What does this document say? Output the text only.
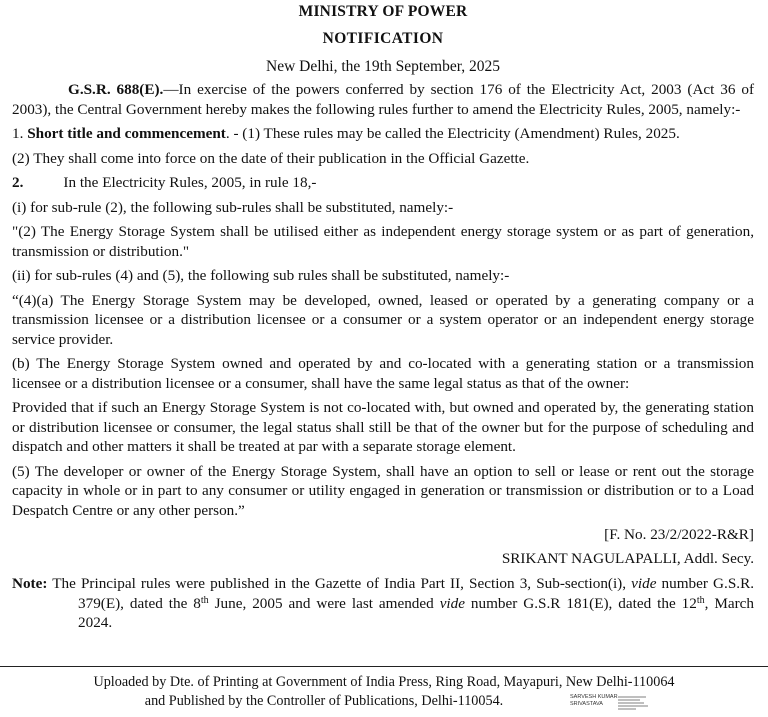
MINISTRY OF POWER
NOTIFICATION
New Delhi, the 19th September, 2025

G.S.R. 688(E).—In exercise of the powers conferred by section 176 of the Electricity Act, 2003 (Act 36 of 2003), the Central Government hereby makes the following rules further to amend the Electricity Rules, 2005, namely:-

1. Short title and commencement. - (1) These rules may be called the Electricity (Amendment) Rules, 2025.

(2) They shall come into force on the date of their publication in the Official Gazette.

2.	In the Electricity Rules, 2005, in rule 18,-

(i) for sub-rule (2), the following sub-rules shall be substituted, namely:-

"(2) The Energy Storage System shall be utilised either as independent energy storage system or as part of generation, transmission or distribution."

(ii) for sub-rules (4) and (5), the following sub rules shall be substituted, namely:-

“(4)(a) The Energy Storage System may be developed, owned, leased or operated by a generating company or a transmission licensee or a distribution licensee or a consumer or a system operator or an independent energy storage service provider.

(b) The Energy Storage System owned and operated by and co-located with a generating station or a transmission licensee or a distribution licensee or a consumer, shall have the same legal status as that of the owner:

Provided that if such an Energy Storage System is not co-located with, but owned and operated by, the generating station or distribution licensee or consumer, the legal status shall still be that of the owner but for the purpose of scheduling and dispatch and other matters it shall be treated at par with a separate storage element.

(5) The developer or owner of the Energy Storage System, shall have an option to sell or lease or rent out the storage capacity in whole or in part to any consumer or utility engaged in generation or transmission or distribution or to a Load Despatch Centre or any other person.”

[F. No. 23/2/2022-R&R]

SRIKANT NAGULAPALLI, Addl. Secy.

Note: The Principal rules were published in the Gazette of India Part II, Section 3, Sub-section(i), vide number G.S.R. 379(E), dated the 8th June, 2005 and were last amended vide number G.S.R 181(E), dated the 12th, March 2024.

Uploaded by Dte. of Printing at Government of India Press, Ring Road, Mayapuri, New Delhi-110064
and Published by the Controller of Publications, Delhi-110054.	SARVESH KUMAR
SRIVASTAVA
